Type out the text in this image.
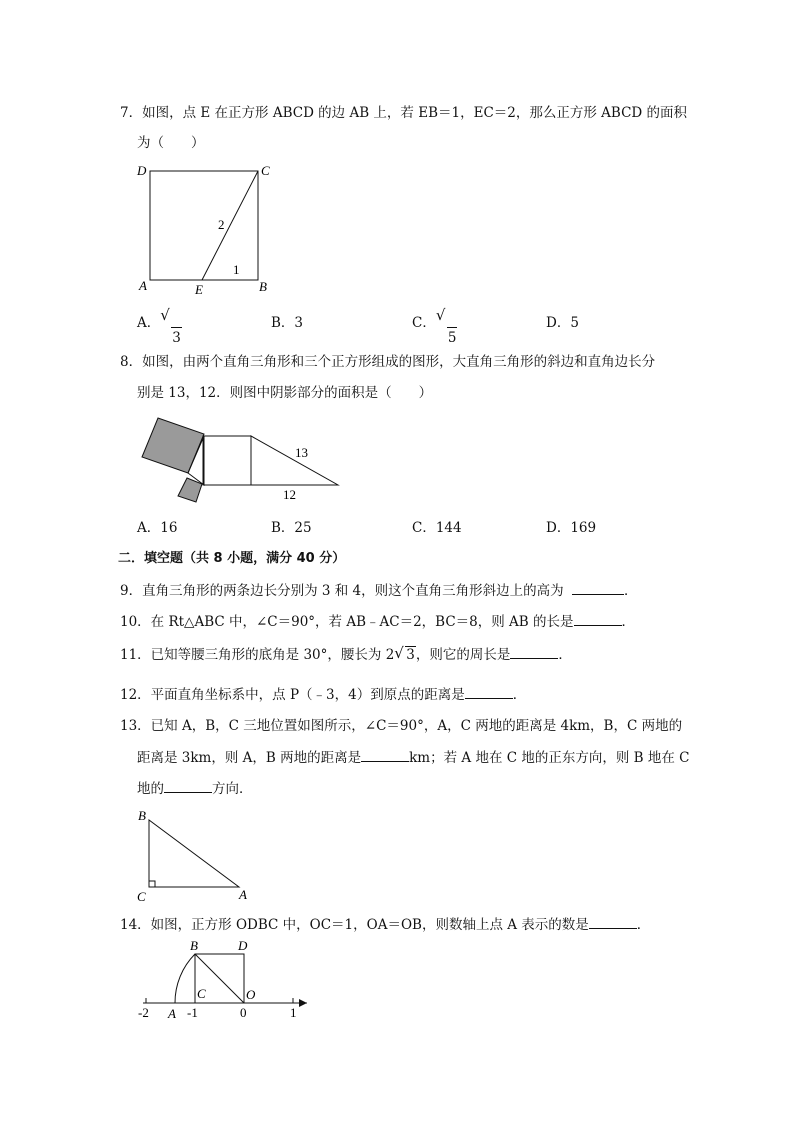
7．如图，点 E 在正方形 ABCD 的边 AB 上，若 EB＝1，EC＝2，那么正方形 ABCD 的面积
为（　　）
D	C
A	E	B
2
1
A． √
3
B．3	C． √
5
D．5
8．如图，由两个直角三角形和三个正方形组成的图形，大直角三角形的斜边和直角边长分
别是 13，12．则图中阴影部分的面积是（　　）
13
12
A．16	B．25	C．144	D．169
二．填空题（共 8 小题，满分 40 分）
9．直角三角形的两条边长分别为 3 和 4，则这个直角三角形斜边上的高为	．
10．在 Rt△ABC 中，∠C＝90°，若 AB﹣AC＝2，BC＝8，则 AB 的长是	．
11．已知等腰三角形的底角是 30°，腰长为 2 √ 3，则它的周长是	．
12．平面直角坐标系中，点 P（﹣3，4）到原点的距离是	．
13．已知 A，B，C 三地位置如图所示，∠C＝90°，A，C 两地的距离是 4km，B，C 两地的
距离是 3km，则 A，B 两地的距离是	km；若 A 地在 C 地的正东方向，则 B 地在 C
地的	方向．
B
C	A
14．如图，正方形 ODBC 中，OC＝1，OA＝OB，则数轴上点 A 表示的数是	．
B	D
C	O
A
-2	-1	0	1
